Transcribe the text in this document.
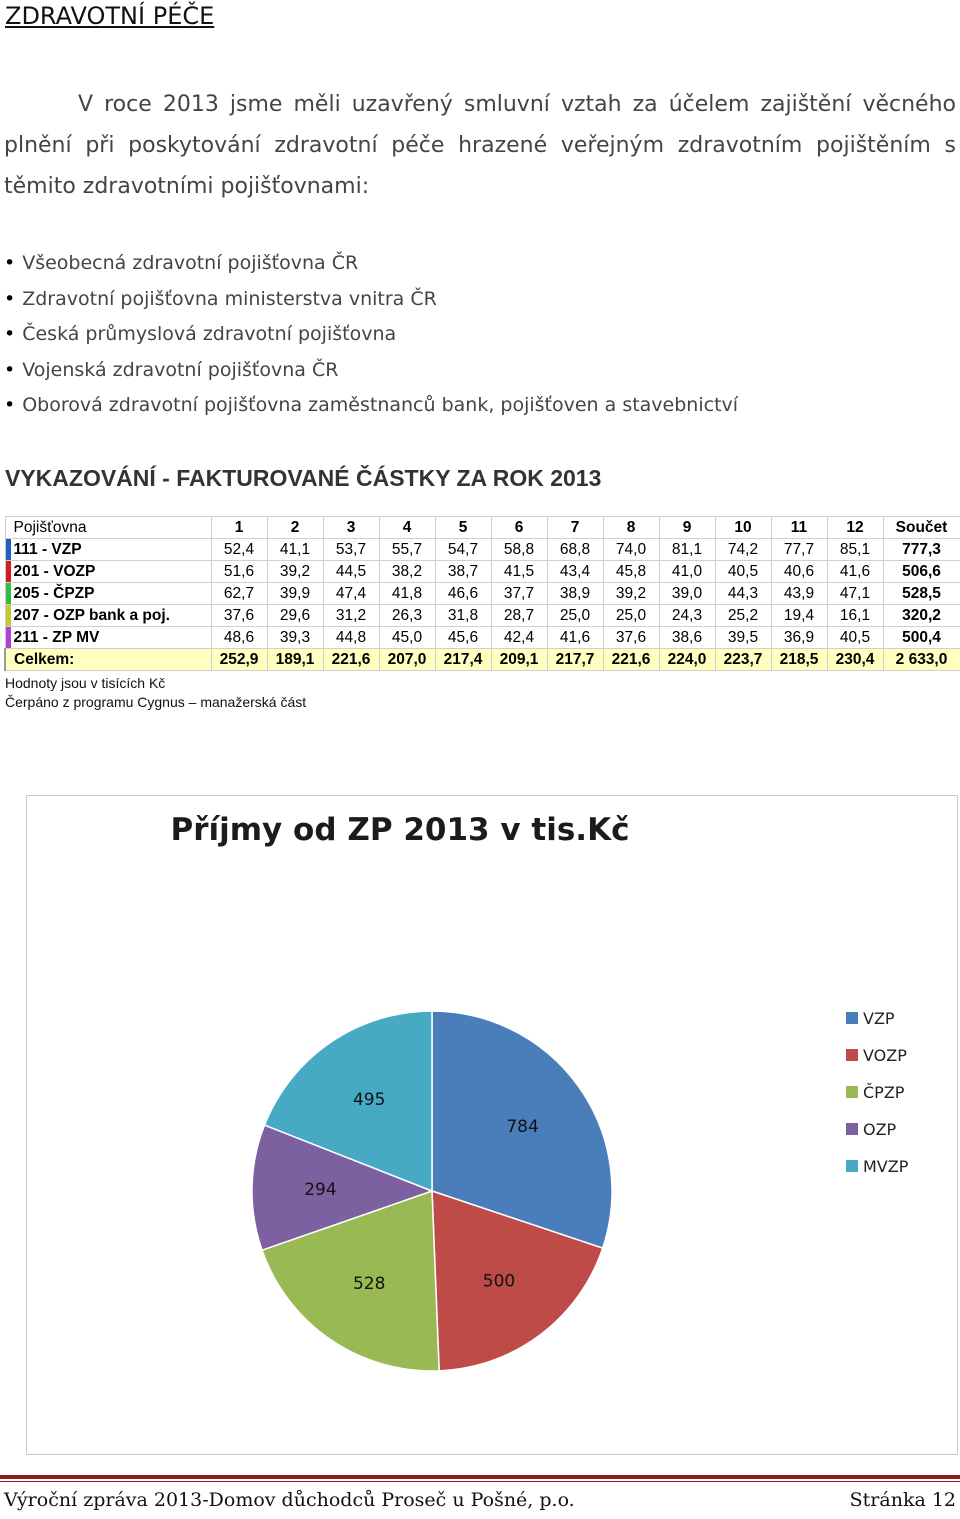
ZDRAVOTNÍ PÉČE
V roce 2013 jsme měli uzavřený smluvní vztah za účelem zajištění věcného plnění při poskytování zdravotní péče hrazené veřejným zdravotním pojištěním s těmito zdravotními pojišťovnami:
• Všeobecná zdravotní pojišťovna ČR
• Zdravotní pojišťovna ministerstva vnitra ČR
• Česká průmyslová zdravotní pojišťovna
• Vojenská zdravotní pojišťovna ČR
• Oborová zdravotní pojišťovna zaměstnanců bank, pojišťoven a stavebnictví
VYKAZOVÁNÍ - FAKTUROVANÉ ČÁSTKY ZA ROK 2013
Pojišťovna	1	2	3	4	5	6	7	8	9	10	11	12	Součet

111 - VZP	52,4	41,1	53,7	55,7	54,7	58,8	68,8	74,0	81,1	74,2	77,7	85,1	777,3

201 - VOZP	51,6	39,2	44,5	38,2	38,7	41,5	43,4	45,8	41,0	40,5	40,6	41,6	506,6

205 - ČPZP	62,7	39,9	47,4	41,8	46,6	37,7	38,9	39,2	39,0	44,3	43,9	47,1	528,5

207 - OZP bank a poj.	37,6	29,6	31,2	26,3	31,8	28,7	25,0	25,0	24,3	25,2	19,4	16,1	320,2

211 - ZP MV	48,6	39,3	44,8	45,0	45,6	42,4	41,6	37,6	38,6	39,5	36,9	40,5	500,4
Celkem:	252,9	189,1	221,6	207,0	217,4	209,1	217,7	221,6	224,0	223,7	218,5	230,4	2 633,0
Hodnoty jsou v tisících Kč
Čerpáno z programu Cygnus – manažerská část
784
500
528
294
495
VZP
VOZP
ČPZP
OZP
MVZP
Příjmy od ZP 2013 v tis.Kč
Výroční zpráva 2013-Domov důchodců Proseč u Pošné, p.o.	Stránka 12
